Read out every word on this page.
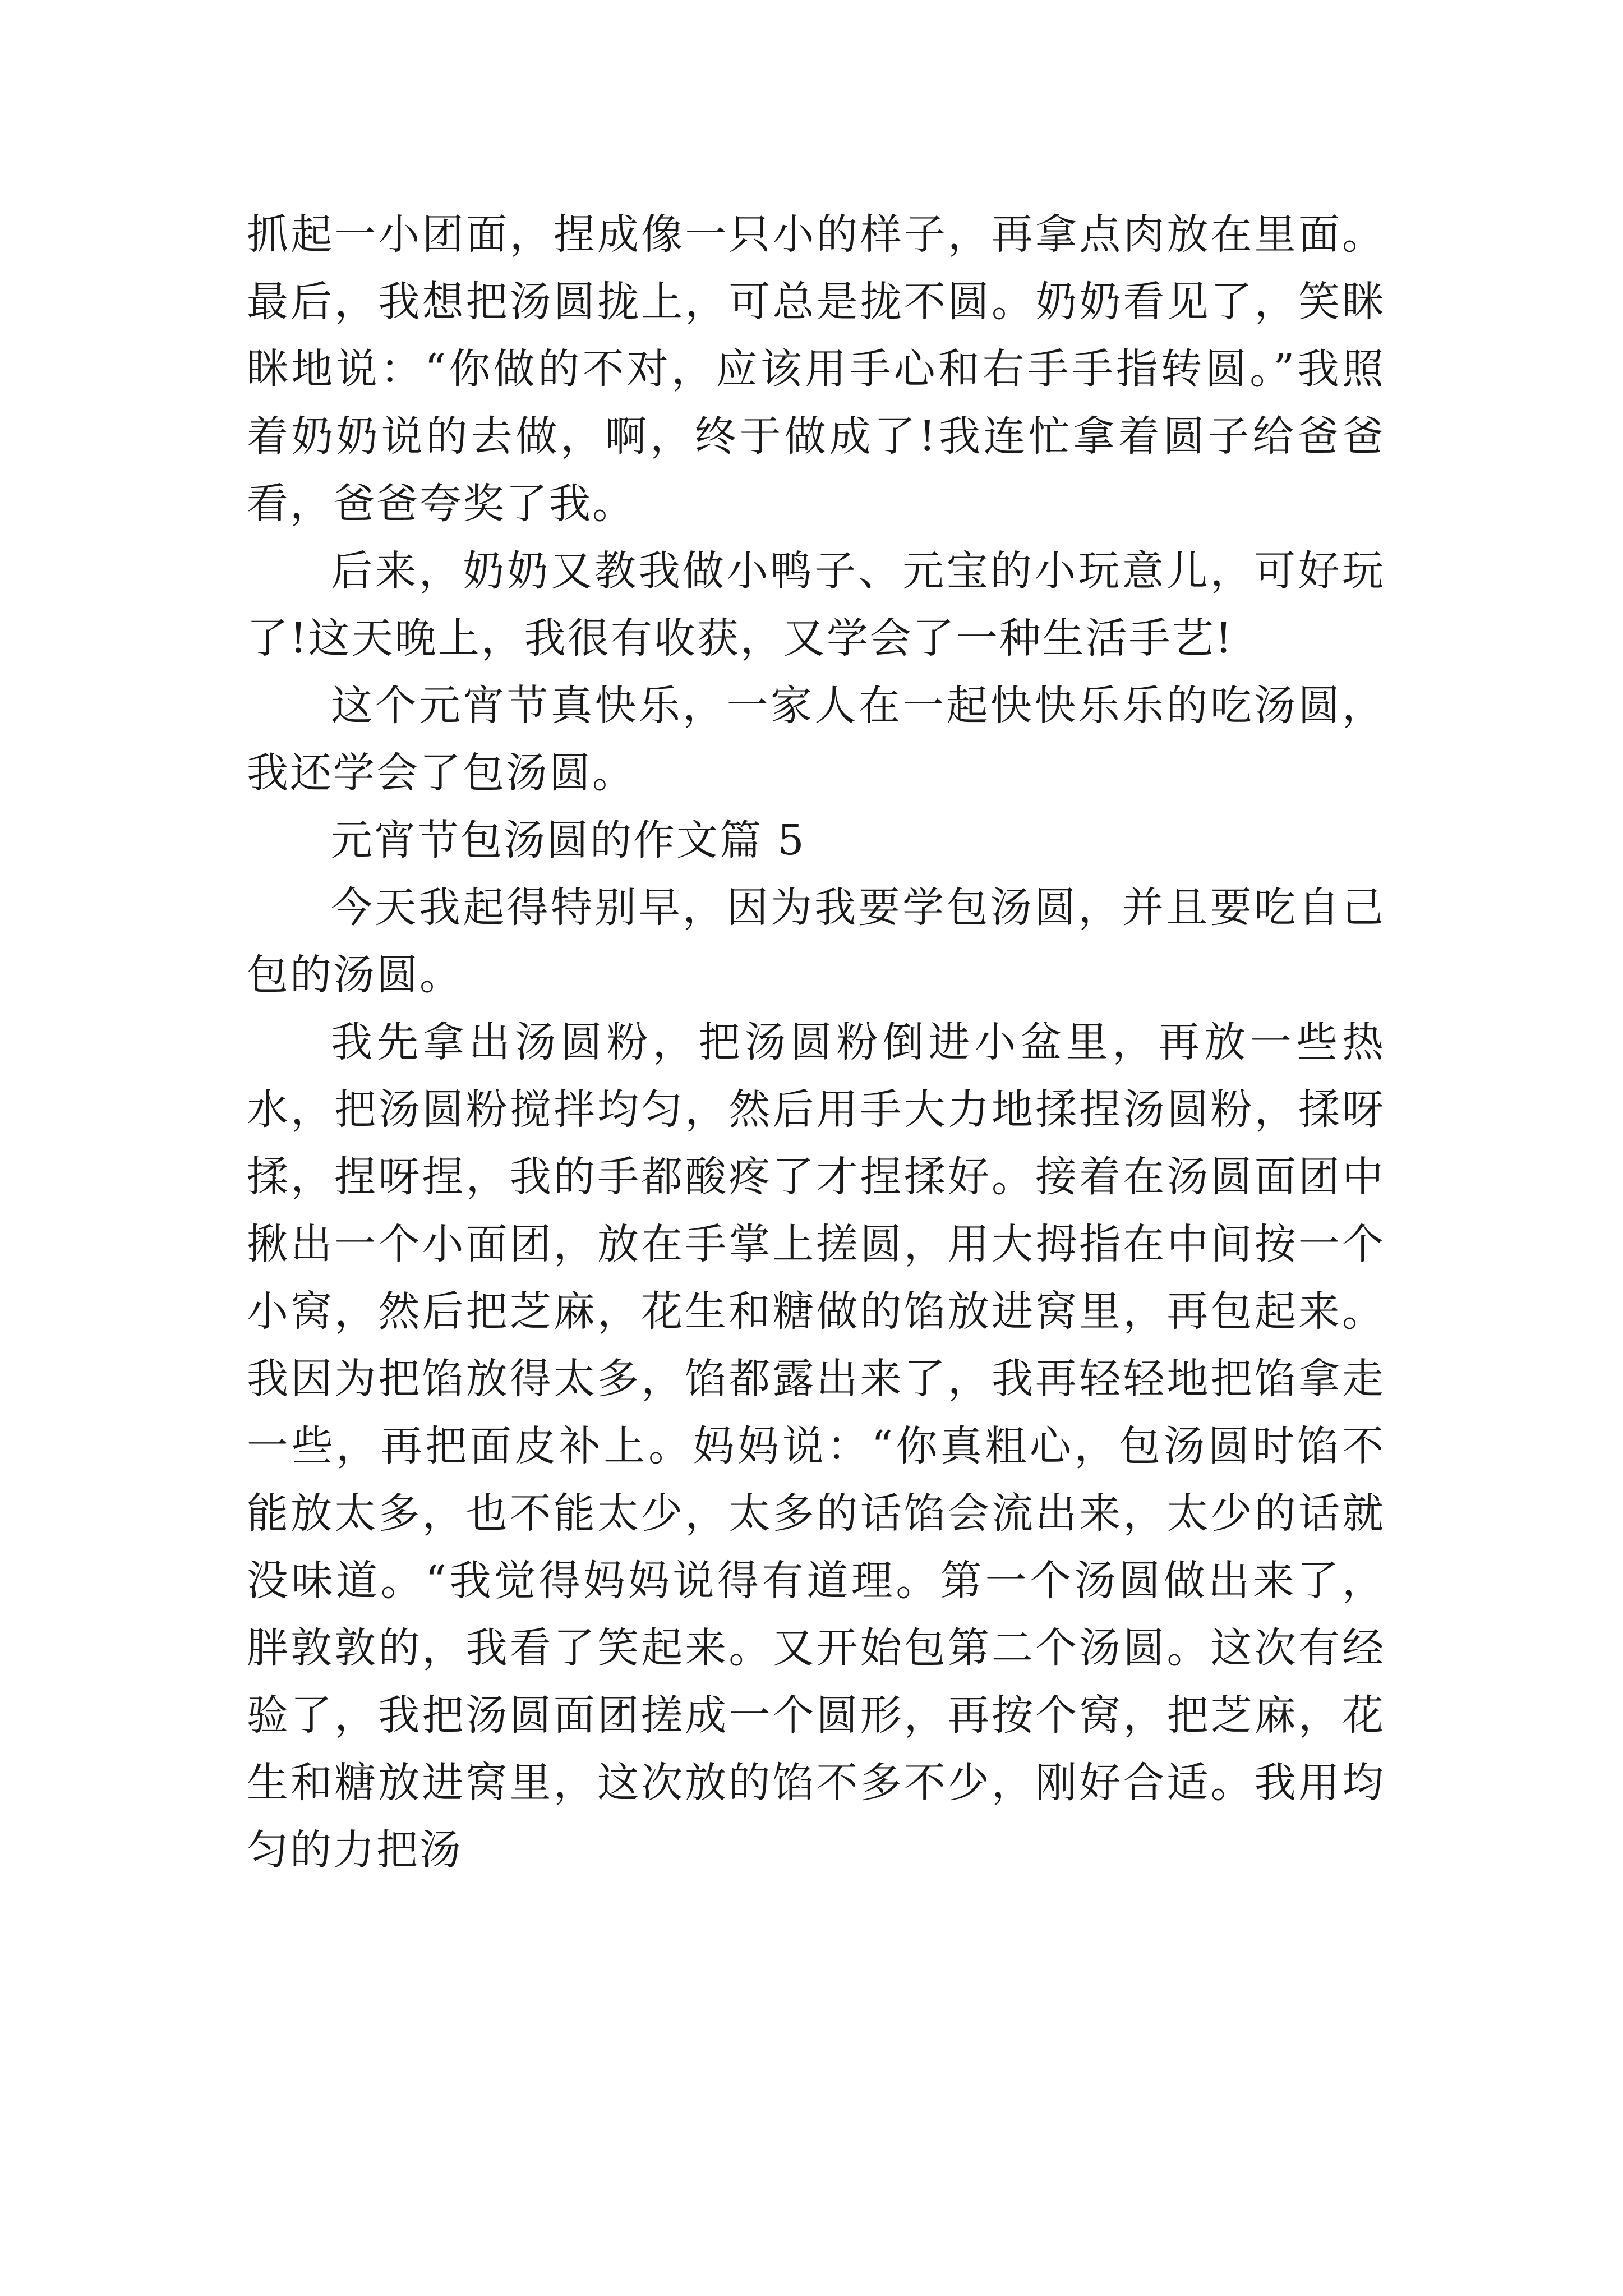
抓起一小团面，捏成像一只小的样子，再拿点肉放在里面。最后，我想把汤圆拢上，可总是拢不圆。奶奶看见了，笑眯眯地说：“你做的不对，应该用手心和右手手指转圆。”我照着奶奶说的去做，啊，终于做成了!我连忙拿着圆子给爸爸看，爸爸夸奖了我。

后来，奶奶又教我做小鸭子、元宝的小玩意儿，可好玩了!这天晚上，我很有收获，又学会了一种生活手艺!

这个元宵节真快乐，一家人在一起快快乐乐的吃汤圆，我还学会了包汤圆。

元宵节包汤圆的作文篇 5

今天我起得特别早，因为我要学包汤圆，并且要吃自己包的汤圆。

我先拿出汤圆粉，把汤圆粉倒进小盆里，再放一些热水，把汤圆粉搅拌均匀，然后用手大力地揉捏汤圆粉，揉呀揉，捏呀捏，我的手都酸疼了才捏揉好。接着在汤圆面团中揪出一个小面团，放在手掌上搓圆，用大拇指在中间按一个小窝，然后把芝麻，花生和糖做的馅放进窝里，再包起来。我因为把馅放得太多，馅都露出来了，我再轻轻地把馅拿走一些，再把面皮补上。妈妈说：“你真粗心，包汤圆时馅不能放太多，也不能太少，太多的话馅会流出来，太少的话就没味道。“我觉得妈妈说得有道理。第一个汤圆做出来了，胖敦敦的，我看了笑起来。又开始包第二个汤圆。这次有经验了，我把汤圆面团搓成一个圆形，再按个窝，把芝麻，花生和糖放进窝里，这次放的馅不多不少，刚好合适。我用均匀的力把汤
